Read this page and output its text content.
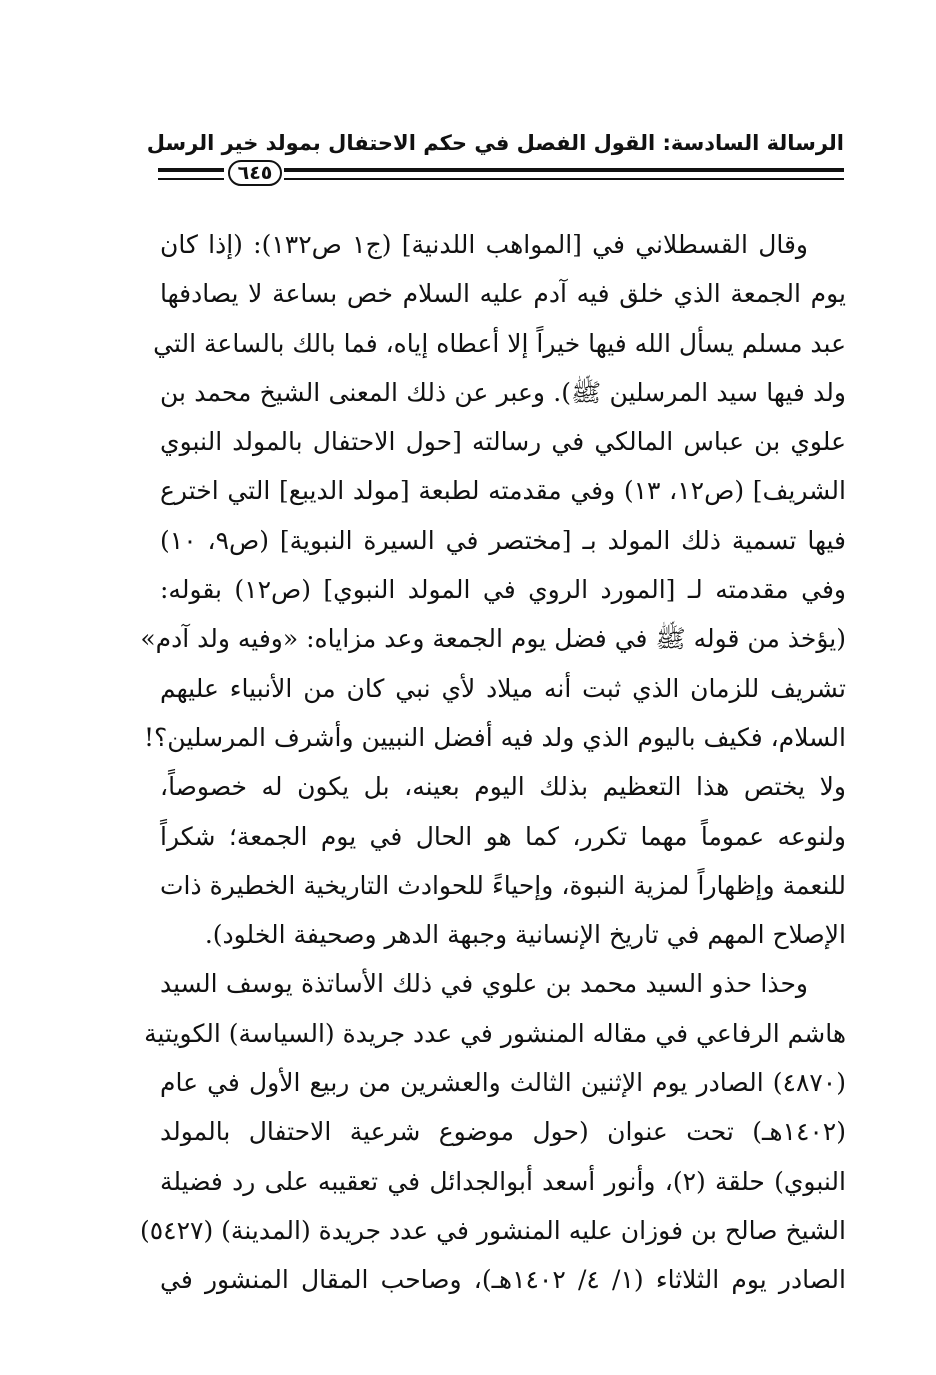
الرسالة السادسة: القول الفصل في حكم الاحتفال بمولد خير الرسل
٦٤٥
وقال القسطلاني في [المواهب اللدنية] (ج١ ص١٣٢): (إذا كان
يوم الجمعة الذي خلق فيه آدم عليه السلام خص بساعة لا يصادفها
عبد مسلم يسأل الله فيها خيراً إلا أعطاه إياه، فما بالك بالساعة التي
ولد فيها سيد المرسلين ﷺ). وعبر عن ذلك المعنى الشيخ محمد بن
علوي بن عباس المالكي في رسالته [حول الاحتفال بالمولد النبوي
الشريف] (ص١٢، ١٣) وفي مقدمته لطبعة [مولد الديبع] التي اخترع
فيها تسمية ذلك المولد بـ [مختصر في السيرة النبوية] (ص٩، ١٠)
وفي مقدمته لـ [المورد الروي في المولد النبوي] (ص١٢) بقوله:
(يؤخذ من قوله ﷺ في فضل يوم الجمعة وعد مزاياه: «وفيه ولد آدم»
تشريف للزمان الذي ثبت أنه ميلاد لأي نبي كان من الأنبياء عليهم
السلام، فكيف باليوم الذي ولد فيه أفضل النبيين وأشرف المرسلين؟!
ولا يختص هذا التعظيم بذلك اليوم بعينه، بل يكون له خصوصاً،
ولنوعه عموماً مهما تكرر، كما هو الحال في يوم الجمعة؛ شكراً
للنعمة وإظهاراً لمزية النبوة، وإحياءً للحوادث التاريخية الخطيرة ذات
الإصلاح المهم في تاريخ الإنسانية وجبهة الدهر وصحيفة الخلود).
وحذا حذو السيد محمد بن علوي في ذلك الأساتذة يوسف السيد
هاشم الرفاعي في مقاله المنشور في عدد جريدة (السياسة) الكويتية
(٤٨٧٠) الصادر يوم الإثنين الثالث والعشرين من ربيع الأول في عام
(١٤٠٢هـ) تحت عنوان (حول موضوع شرعية الاحتفال بالمولد
النبوي) حلقة (٢)، وأنور أسعد أبوالجدائل في تعقيبه على رد فضيلة
الشيخ صالح بن فوزان عليه المنشور في عدد جريدة (المدينة) (٥٤٢٧)
الصادر يوم الثلاثاء (١/ ٤/ ١٤٠٢هـ)، وصاحب المقال المنشور في
